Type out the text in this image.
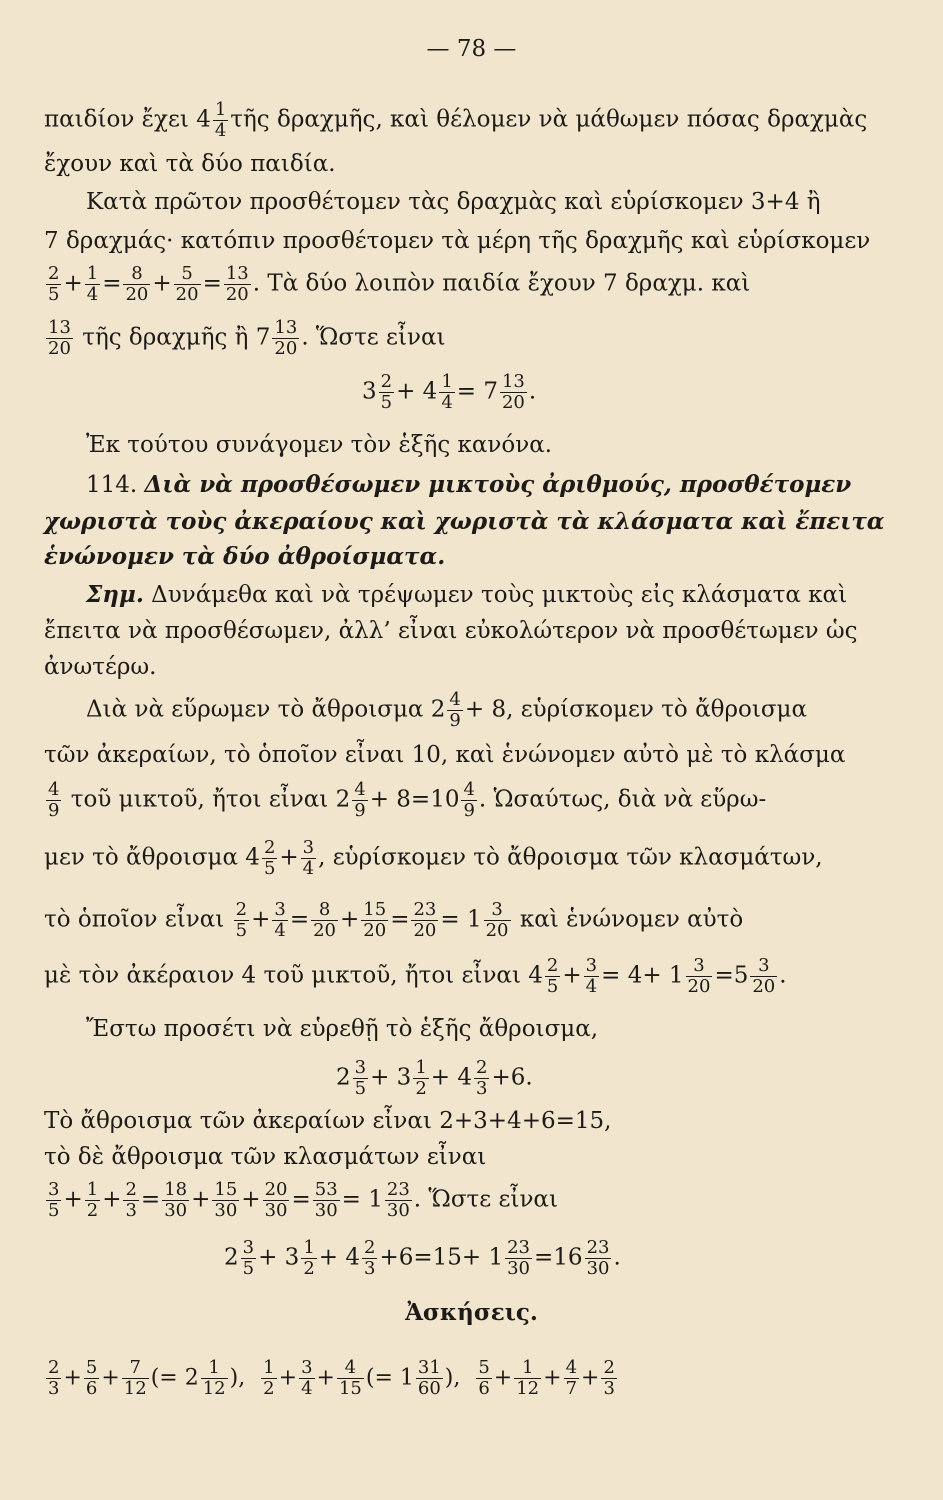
— 78 —
παιδίον ἔχει $4 \frac{1}{4}$ τῆς δραχμῆς, καὶ θέλομεν νὰ μάθωμεν πόσας δραχμὰς
ἔχουν καὶ τὰ δύο παιδία.
Κατὰ πρῶτον προσθέτομεν τὰς δραχμὰς καὶ εὑρίσκομεν 3+4 ἢ
7 δραχμάς· κατόπιν προσθέτομεν τὰ μέρη τῆς δραχμῆς καὶ εὑρίσκομεν
$\frac{2}{5} + \frac{1}{4} = \frac{8}{20} + \frac{5}{20} = \frac{13}{20}$ . Τὰ δύο λοιπὸν παιδία ἔχουν 7 δραχμ. καὶ
$\frac{13}{20}$ τῆς δραχμῆς ἢ $7 \frac{13}{20}$ . Ὥστε εἶναι
$3 \frac{2}{5} + 4 \frac{1}{4} = 7 \frac{13}{20}$ .
Ἐκ τούτου συνάγομεν τὸν ἑξῆς κανόνα.
114. Διὰ νὰ προσθέσωμεν μικτοὺς ἀριθμούς, προσθέτομεν
χωριστὰ τοὺς ἀκεραίους καὶ χωριστὰ τὰ κλάσματα καὶ ἔπειτα
ἑνώνομεν τὰ δύο ἀθροίσματα.
Σημ. Δυνάμεθα καὶ νὰ τρέψωμεν τοὺς μικτοὺς εἰς κλάσματα καὶ
ἔπειτα νὰ προσθέσωμεν, ἀλλ’ εἶναι εὐκολώτερον νὰ προσθέτωμεν ὡς
ἀνωτέρω.
Διὰ νὰ εὕρωμεν τὸ ἄθροισμα $2 \frac{4}{9} + 8$, εὑρίσκομεν τὸ ἄθροισμα
τῶν ἀκεραίων, τὸ ὁποῖον εἶναι 10, καὶ ἑνώνομεν αὐτὸ μὲ τὸ κλάσμα
$\frac{4}{9}$ τοῦ μικτοῦ, ἤτοι εἶναι $2 \frac{4}{9} + 8=10 \frac{4}{9}$ . Ὡσαύτως, διὰ νὰ εὕρω-
μεν τὸ ἄθροισμα $4 \frac{2}{5} + \frac{3}{4}$ , εὑρίσκομεν τὸ ἄθροισμα τῶν κλασμάτων,
τὸ ὁποῖον εἶναι $\frac{2}{5} + \frac{3}{4} = \frac{8}{20} + \frac{15}{20} = \frac{23}{20} = 1 \frac{3}{20}$ καὶ ἑνώνομεν αὐτὸ
μὲ τὸν ἀκέραιον 4 τοῦ μικτοῦ, ἤτοι εἶναι $4 \frac{2}{5} + \frac{3}{4} = 4+ 1 \frac{3}{20} =5 \frac{3}{20}$ .
Ἔστω προσέτι νὰ εὑρεθῇ τὸ ἑξῆς ἄθροισμα,
$2 \frac{3}{5} + 3 \frac{1}{2} + 4 \frac{2}{3} +6$.
Τὸ ἄθροισμα τῶν ἀκεραίων εἶναι 2+3+4+6=15,
τὸ δὲ ἄθροισμα τῶν κλασμάτων εἶναι
$\frac{3}{5} + \frac{1}{2} + \frac{2}{3} = \frac{18}{30} + \frac{15}{30} + \frac{20}{30} = \frac{53}{30} = 1 \frac{23}{30}$ . Ὥστε εἶναι
$2 \frac{3}{5} + 3 \frac{1}{2} + 4 \frac{2}{3} +6=15+ 1 \frac{23}{30} =16 \frac{23}{30}$ .
Ἀσκήσεις.
$\frac{2}{3} + \frac{5}{6} + \frac{7}{12}$ (= $2 \frac{1}{12}$ ), $\frac{1}{2} + \frac{3}{4} + \frac{4}{15}$ (= $1 \frac{31}{60}$ ), $\frac{5}{6} + \frac{1}{12} + \frac{4}{7} + \frac{2}{3}$
